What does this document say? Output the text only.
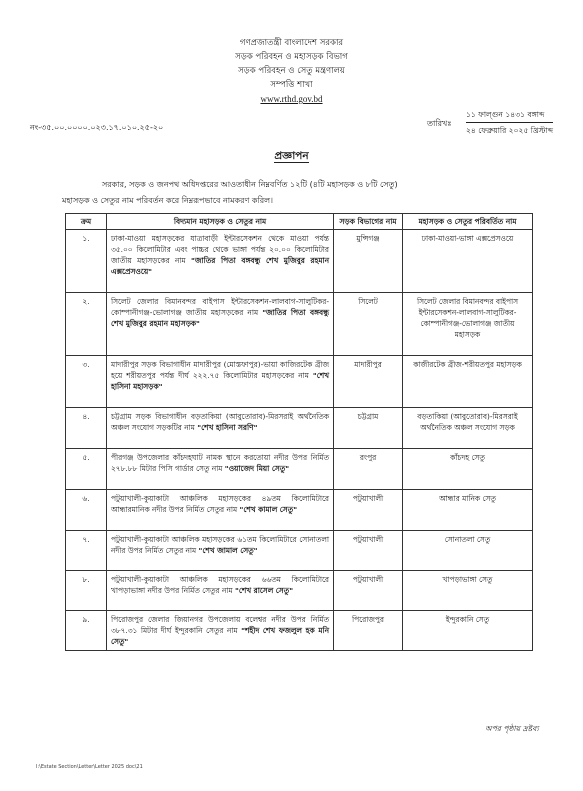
গণপ্রজাতন্ত্রী বাংলাদেশ সরকার
সড়ক পরিবহন ও মহাসড়ক বিভাগ
সড়ক পরিবহন ও সেতু মন্ত্রণালয়
সম্পত্তি শাখা
www.rthd.gov.bd
নং-৩৫.০০.০০০০.০২৩.১৭.০১০.২৫-২০	তারিখঃ
১১ ফাল্গুন ১৪৩১ বঙ্গাব্দ
২৪ ফেব্রুয়ারি ২০২৫ খ্রিস্টাব্দ
প্রজ্ঞাপন
সরকার, সড়ক ও জনপথ অধিদপ্তরের আওতাধীন নিম্নবর্ণিত ১২টি (৪টি মহাসড়ক ও ৮টি সেতু)
মহাসড়ক ও সেতুর নাম পরিবর্তন করে নিম্নরূপভাবে নামকরণ করিল।
ক্রম	বিদ্যমান মহাসড়ক ও সেতুর নাম	সড়ক বিভাগের নাম	মহাসড়ক ও সেতুর পরিবর্তিত নাম
১.	ঢাকা-মাওয়া মহাসড়কের যাত্রাবাড়ী ইন্টারসেকশন থেকে মাওয়া পর্যন্ত ৩৫.০০ কিলোমিটার এবং পাচ্চর থেকে ভাঙ্গা পর্যন্ত ২০.০০ কিলোমিটার জাতীয় মহাসড়কের নাম "জাতির পিতা বঙ্গবন্ধু শেখ মুজিবুর রহমান এক্সপ্রেসওয়ে"	মুন্সিগঞ্জ	ঢাকা-মাওয়া-ভাঙ্গা এক্সপ্রেসওয়ে
২.	সিলেট জেলার বিমানবন্দর বাইপাস ইন্টারসেকশন-লালবাগ-সালুটিকর-কোম্পানীগঞ্জ-ভোলাগঞ্জ জাতীয় মহাসড়কের নাম "জাতির পিতা বঙ্গবন্ধু শেখ মুজিবুর রহমান মহাসড়ক"	সিলেট	সিলেট জেলার বিমানবন্দর বাইপাস ইন্টারসেকশন-লালবাগ-সালুটিকর-কোম্পানীগঞ্জ-ভোলাগঞ্জ জাতীয় মহাসড়ক
৩.	মাদারীপুর সড়ক বিভাগাধীন মাদারীপুর (মোস্তফাপুর)-ভায়া কাজিরটেক ব্রীজ হয়ে শরীয়তপুর পর্যন্ত দীর্ঘ ২২২.৭৫ কিলোমিটার মহাসড়কের নাম "শেখ হাসিনা মহাসড়ক"	মাদারীপুর	কাজীরটেক ব্রীজ-শরীয়তপুর মহাসড়ক
৪.	চট্টগ্রাম সড়ক বিভাগাধীন বড়তাকিয়া (আবুতোরাব)-মিরসরাই অর্থনৈতিক অঞ্চল সংযোগ সড়কটির নাম "শেখ হাসিনা সরণি"	চট্টগ্রাম	বড়তাকিয়া (আবুতোরাব)-মিরসরাই অর্থনৈতিক অঞ্চল সংযোগ সড়ক
৫.	পীরগঞ্জ উপজেলার কাঁচদহঘাট নামক স্থানে করতোয়া নদীর উপর নির্মিত ২৭৮.৮৮ মিটার পিসি গার্ডার সেতু নাম "ওয়াজেদ মিয়া সেতু"	রংপুর	কাঁচদহ সেতু
৬.	পটুয়াখালী-কুয়াকাটা আঞ্চলিক মহাসড়কের ৪৯তম কিলোমিটারে আন্ধারমানিক নদীর উপর নির্মিত সেতুর নাম "শেখ কামাল সেতু"	পটুয়াখালী	আন্ধার মানিক সেতু
৭.	পটুয়াখালী-কুয়াকাটা আঞ্চলিক মহাসড়কের ৬১তম কিলোমিটারে সোনাতলা নদীর উপর নির্মিত সেতুর নাম "শেখ জামাল সেতু"	পটুয়াখালী	সোনাতলা সেতু
৮.	পটুয়াখালী-কুয়াকাটা আঞ্চলিক মহাসড়কের ৬৬তম কিলোমিটারে খাপড়াভাঙ্গা নদীর উপর নির্মিত সেতুর নাম "শেখ রাসেল সেতু"	পটুয়াখালী	খাপড়াভাঙ্গা সেতু
৯.	পিরোজপুর জেলার জিয়ানগর উপজেলায় বলেশ্বর নদীর উপর নির্মিত ৩৮৭.৩১ মিটার দীর্ঘ ইন্দুরকানি সেতুর নাম "শহীদ শেখ ফজলুল হক মনি সেতু"	পিরোজপুর	ইন্দুরকানি সেতু
অপর পৃষ্ঠায় দ্রষ্টব্য
I:\Estate Section\Letter\Letter 2025 doc\21
